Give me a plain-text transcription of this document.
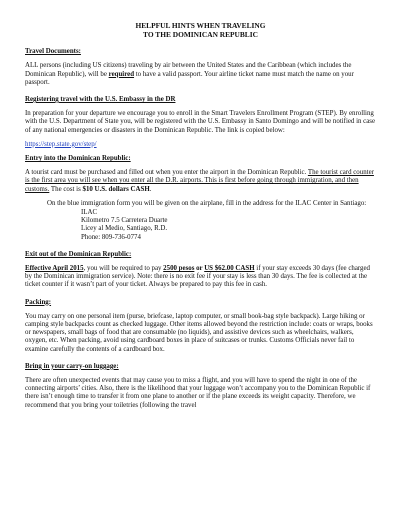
HELPFUL HINTS WHEN TRAVELING
TO THE DOMINICAN REPUBLIC
Travel Documents:

ALL persons (including US citizens) traveling by air between the United States and the Caribbean (which includes the Dominican Republic), will be required to have a valid passport. Your airline ticket name must match the name on your passport.

Registering travel with the U.S. Embassy in the DR

In preparation for your departure we encourage you to enroll in the Smart Travelers Enrollment Program (STEP). By enrolling with the U.S. Department of State you, will be registered with the U.S. Embassy in Santo Domingo and will be notified in case of any national emergencies or disasters in the Dominican Republic. The link is copied below:

https://step.state.gov/step/

Entry into the Dominican Republic:

A tourist card must be purchased and filled out when you enter the airport in the Dominican Republic. The tourist card counter is the first area you will see when you enter all the D.R. airports. This is first before going through immigration, and then customs. The cost is $10 U.S. dollars CASH.

On the blue immigration form you will be given on the airplane, fill in the address for the ILAC Center in Santiago:

ILAC
Kilometro 7.5 Carretera Duarte
Licey al Medio, Santiago, R.D.
Phone: 809-736-0774
Exit out of the Dominican Republic:

Effective April 2015, you will be required to pay 2500 pesos or US $62.00 CASH if your stay exceeds 30 days (fee charged by the Dominican immigration service). Note: there is no exit fee if your stay is less than 30 days. The fee is collected at the ticket counter if it wasn’t part of your ticket. Always be prepared to pay this fee in cash.

Packing:

You may carry on one personal item (purse, briefcase, laptop computer, or small book-bag style backpack). Large hiking or camping style backpacks count as checked luggage. Other items allowed beyond the restriction include: coats or wraps, books or newspapers, small bags of food that are consumable (no liquids), and assistive devices such as wheelchairs, walkers, oxygen, etc. When packing, avoid using cardboard boxes in place of suitcases or trunks. Customs Officials never fail to examine carefully the contents of a cardboard box.

Bring in your carry-on luggage:

There are often unexpected events that may cause you to miss a flight, and you will have to spend the night in one of the connecting airports’ cities. Also, there is the likelihood that your luggage won’t accompany you to the Dominican Republic if there isn’t enough time to transfer it from one plane to another or if the plane exceeds its weight capacity. Therefore, we recommend that you bring your toiletries (following the travel
